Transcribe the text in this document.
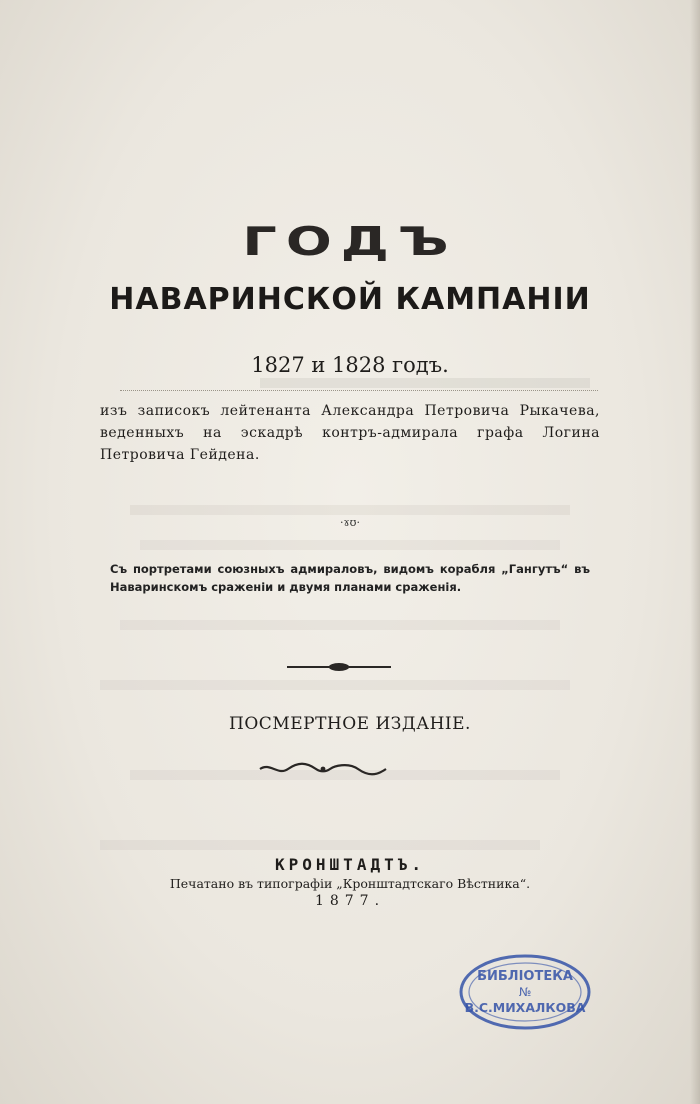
ГОДЪ
НАВАРИНСКОЙ КАМПАНІИ
1827 и 1828 годъ.
изъ записокъ лейтенанта Александра Петровича Рыкачева, веденныхъ на эскадрѣ контръ-адмирала графа Логина Петровича Гейдена.
·ɤʊ·
Съ портретами союзныхъ адмираловъ, видомъ корабля „Гангутъ“ въ Наваринскомъ сраженіи и двумя планами сраженія.
ПОСМЕРТНОЕ ИЗДАНІЕ.
КРОНШТАДТЪ.
Печатано въ типографіи „Кронштадтскаго Вѣстника“.
1877.
БИБЛІОТЕКА
№
В.С.МИХАЛКОВА
